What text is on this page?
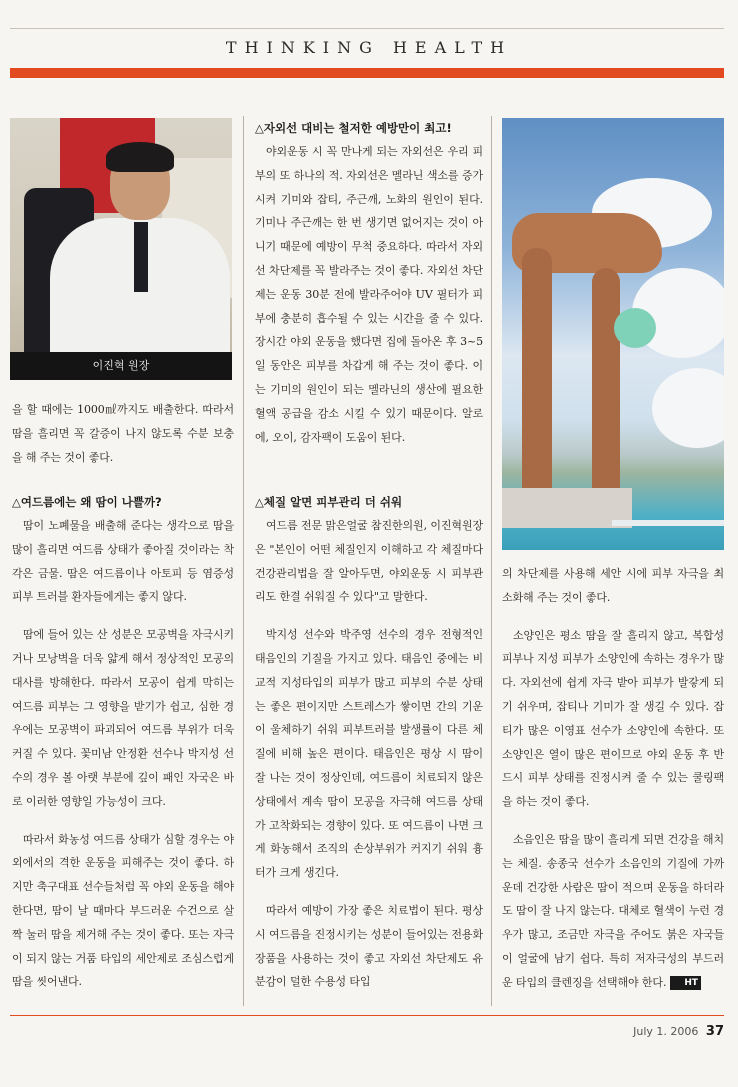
THINKING HEALTH
이진혁 원장

을 할 때에는 1000㎖까지도 배출한다. 따라서 땀을 흘리면 꼭 갈증이 나지 않도록 수분 보충을 해 주는 것이 좋다.

△여드름에는 왜 땀이 나쁠까?

땀이 노폐물을 배출해 준다는 생각으로 땀을 많이 흘리면 여드름 상태가 좋아질 것이라는 착각은 금물. 땀은 여드름이나 아토피 등 염증성 피부 트러블 환자들에게는 좋지 않다.

땀에 들어 있는 산 성분은 모공벽을 자극시키거나 모낭벽을 더욱 얇게 해서 정상적인 모공의 대사를 방해한다. 따라서 모공이 쉽게 막히는 여드름 피부는 그 영향을 받기가 쉽고, 심한 경우에는 모공벽이 파괴되어 여드름 부위가 더욱 커질 수 있다. 꽃미남 안정환 선수나 박지성 선수의 경우 볼 아랫 부분에 깊이 패인 자국은 바로 이러한 영향일 가능성이 크다.

따라서 화농성 여드름 상태가 심할 경우는 야외에서의 격한 운동을 피해주는 것이 좋다. 하지만 축구대표 선수들처럼 꼭 야외 운동을 해야 한다면, 땀이 날 때마다 부드러운 수건으로 살짝 눌러 땀을 제거해 주는 것이 좋다. 또는 자극이 되지 않는 거품 타입의 세안제로 조심스럽게 땀을 씻어낸다.

△자외선 대비는 철저한 예방만이 최고!

야외운동 시 꼭 만나게 되는 자외선은 우리 피부의 또 하나의 적. 자외선은 멜라닌 색소를 증가시켜 기미와 잡티, 주근깨, 노화의 원인이 된다. 기미나 주근깨는 한 번 생기면 없어지는 것이 아니기 때문에 예방이 무척 중요하다. 따라서 자외선 차단제를 꼭 발라주는 것이 좋다. 자외선 차단제는 운동 30분 전에 발라주어야 UV 필터가 피부에 충분히 흡수될 수 있는 시간을 줄 수 있다. 장시간 야외 운동을 했다면 집에 돌아온 후 3~5일 동안은 피부를 차갑게 해 주는 것이 좋다. 이는 기미의 원인이 되는 멜라닌의 생산에 필요한 혈액 공급을 감소 시킬 수 있기 때문이다. 알로에, 오이, 감자팩이 도움이 된다.

△체질 알면 피부관리 더 쉬워

여드름 전문 맑은얼굴 참진한의원, 이진혁원장은 "본인이 어떤 체질인지 이해하고 각 체질마다 건강관리법을 잘 알아두면, 야외운동 시 피부관리도 한결 쉬워질 수 있다"고 말한다.

박지성 선수와 박주영 선수의 경우 전형적인 태음인의 기질을 가지고 있다. 태음인 중에는 비교적 지성타입의 피부가 많고 피부의 수분 상태는 좋은 편이지만 스트레스가 쌓이면 간의 기운이 울체하기 쉬워 피부트러블 발생률이 다른 체질에 비해 높은 편이다. 태음인은 평상 시 땀이 잘 나는 것이 정상인데, 여드름이 치료되지 않은 상태에서 계속 땀이 모공을 자극해 여드름 상태가 고착화되는 경향이 있다. 또 여드름이 나면 크게 화농해서 조직의 손상부위가 커지기 쉬워 흉터가 크게 생긴다.

따라서 예방이 가장 좋은 치료법이 된다. 평상 시 여드름을 진정시키는 성분이 들어있는 전용화장품을 사용하는 것이 좋고 자외선 차단제도 유분감이 덜한 수용성 타입

의 차단제를 사용해 세안 시에 피부 자극을 최소화해 주는 것이 좋다.

소양인은 평소 땀을 잘 흘리지 않고, 복합성 피부나 지성 피부가 소양인에 속하는 경우가 많다. 자외선에 쉽게 자극 받아 피부가 발갛게 되기 쉬우며, 잡티나 기미가 잘 생길 수 있다. 잡티가 많은 이영표 선수가 소양인에 속한다. 또 소양인은 열이 많은 편이므로 야외 운동 후 반드시 피부 상태를 진정시켜 줄 수 있는 쿨링팩을 하는 것이 좋다.

소음인은 땀을 많이 흘리게 되면 건강을 해치는 체질. 송종국 선수가 소음인의 기질에 가까운데 건강한 사람은 땀이 적으며 운동을 하더라도 땀이 잘 나지 않는다. 대체로 혈색이 누런 경우가 많고, 조금만 자극을 주어도 붉은 자국들이 얼굴에 남기 쉽다. 특히 저자극성의 부드러운 타입의 클렌징을 선택해야 한다. HT

July 1. 2006 37
